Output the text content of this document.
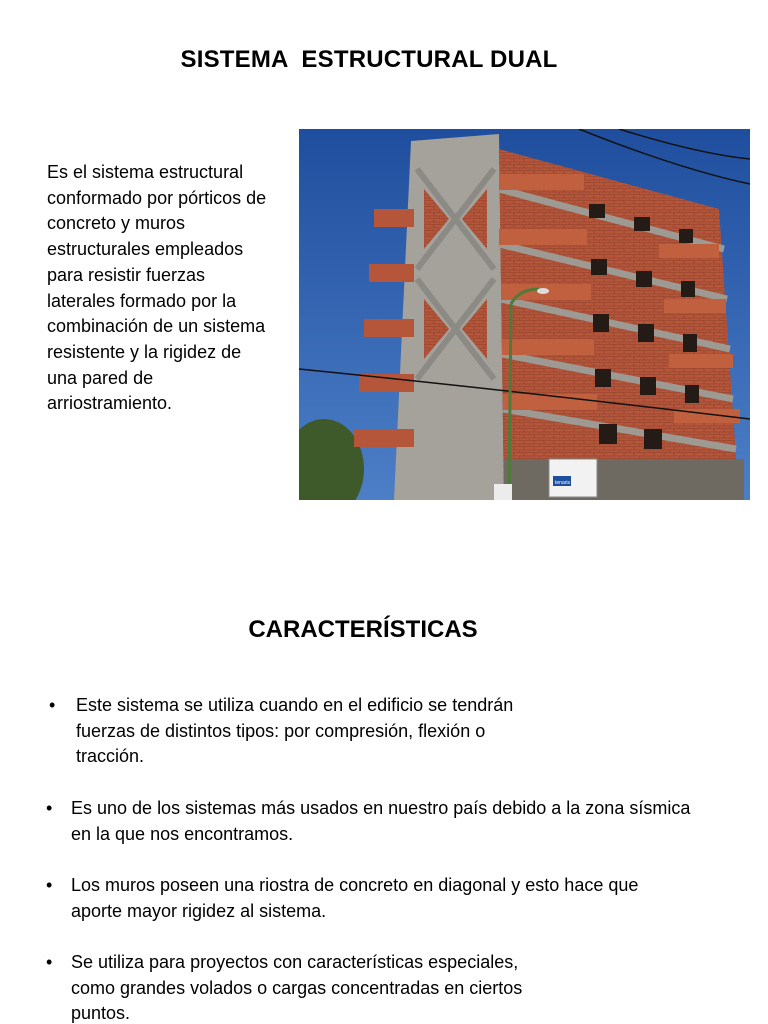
SISTEMA  ESTRUCTURAL DUAL
Es el sistema estructural conformado por pórticos de concreto y muros estructurales empleados para resistir fuerzas laterales formado por la combinación de un sistema resistente y la rigidez de una pared de arriostramiento.
tenaris
CARACTERÍSTICAS
• Este sistema se utiliza cuando en el edificio se tendrán
fuerzas de distintos tipos: por compresión, flexión o
tracción.
• Es uno de los sistemas más usados en nuestro país debido a la zona sísmica
en la que nos encontramos.
• Los muros poseen una riostra de concreto en diagonal y esto hace que
aporte mayor rigidez al sistema.
• Se utiliza para proyectos con características especiales,
como grandes volados o cargas concentradas en ciertos
puntos.
